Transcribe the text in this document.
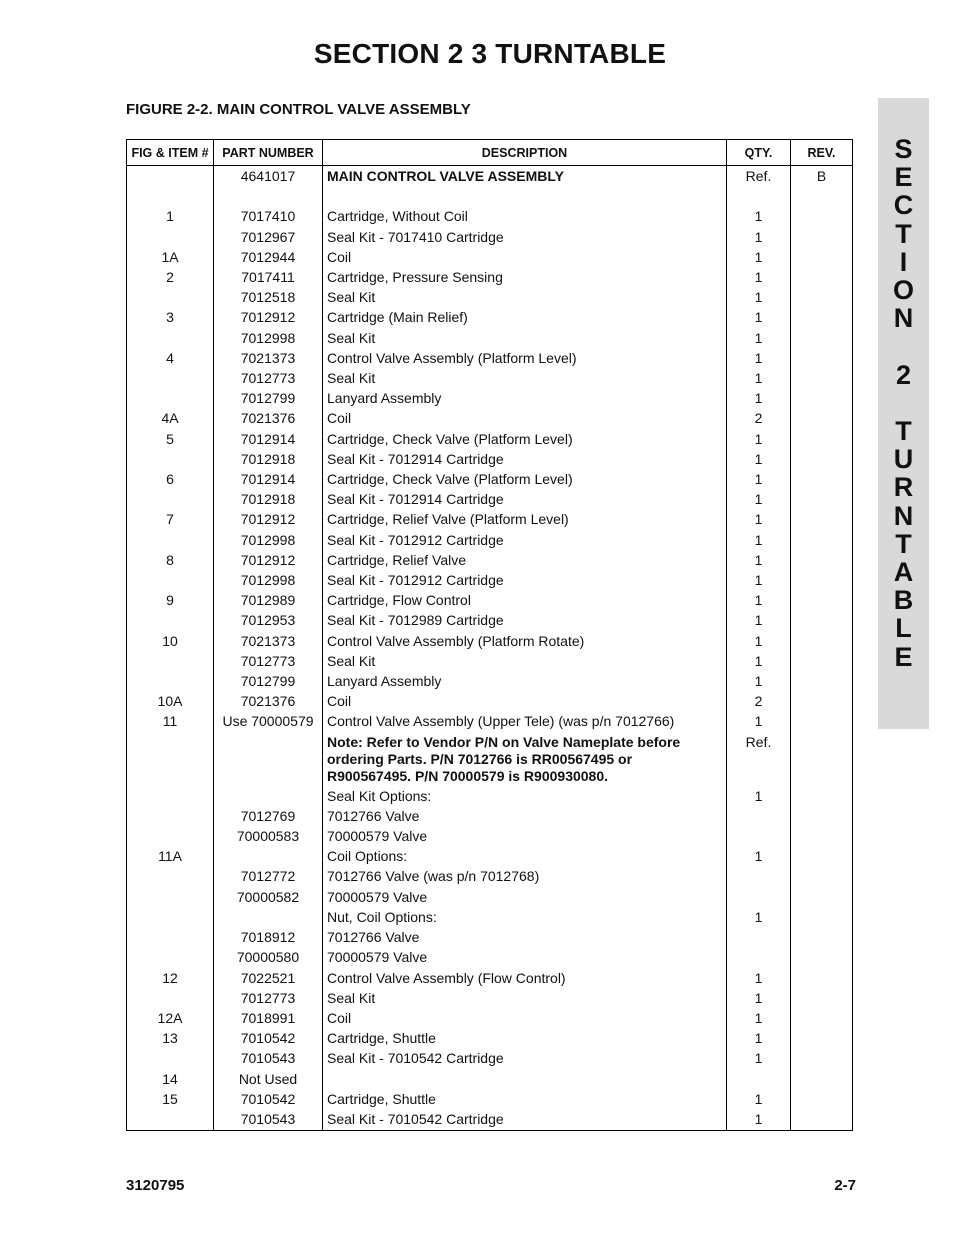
SECTION 2 3 TURNTABLE
FIGURE 2-2. MAIN CONTROL VALVE ASSEMBLY
S
E
C
T
I
O
N
2
T
U
R
N
T
A
B
L
E
FIG & ITEM #	PART NUMBER	DESCRIPTION	QTY.	REV.
	4641017	MAIN CONTROL VALVE ASSEMBLY	Ref.	B

1	7017410	Cartridge, Without Coil	1	
	7012967	Seal Kit - 7017410 Cartridge	1	
1A	7012944	Coil	1	
2	7017411	Cartridge, Pressure Sensing	1	
	7012518	Seal Kit	1	
3	7012912	Cartridge (Main Relief)	1	
	7012998	Seal Kit	1	
4	7021373	Control Valve Assembly (Platform Level)	1	
	7012773	Seal Kit	1	
	7012799	Lanyard Assembly	1	
4A	7021376	Coil	2	
5	7012914	Cartridge, Check Valve (Platform Level)	1	
	7012918	Seal Kit - 7012914 Cartridge	1	
6	7012914	Cartridge, Check Valve (Platform Level)	1	
	7012918	Seal Kit - 7012914 Cartridge	1	
7	7012912	Cartridge, Relief Valve (Platform Level)	1	
	7012998	Seal Kit - 7012912 Cartridge	1	
8	7012912	Cartridge, Relief Valve	1	
	7012998	Seal Kit - 7012912 Cartridge	1	
9	7012989	Cartridge, Flow Control	1	
	7012953	Seal Kit - 7012989 Cartridge	1	
10	7021373	Control Valve Assembly (Platform Rotate)	1	
	7012773	Seal Kit	1	
	7012799	Lanyard Assembly	1	
10A	7021376	Coil	2	
11	Use 70000579	Control Valve Assembly (Upper Tele) (was p/n 7012766)	1	
		Note: Refer to Vendor P/N on Valve Nameplate before ordering Parts. P/N 7012766 is RR00567495 or R900567495. P/N 70000579 is R900930080.	Ref.	
		Seal Kit Options:	1	
	7012769	7012766 Valve		
	70000583	70000579 Valve		
11A		Coil Options:	1	
	7012772	7012766 Valve (was p/n 7012768)		
	70000582	70000579 Valve		
		Nut, Coil Options:	1	
	7018912	7012766 Valve		
	70000580	70000579 Valve		
12	7022521	Control Valve Assembly (Flow Control)	1	
	7012773	Seal Kit	1	
12A	7018991	Coil	1	
13	7010542	Cartridge, Shuttle	1	
	7010543	Seal Kit - 7010542 Cartridge	1	
14	Not Used			
15	7010542	Cartridge, Shuttle	1	
	7010543	Seal Kit - 7010542 Cartridge	1	
3120795	2-7
